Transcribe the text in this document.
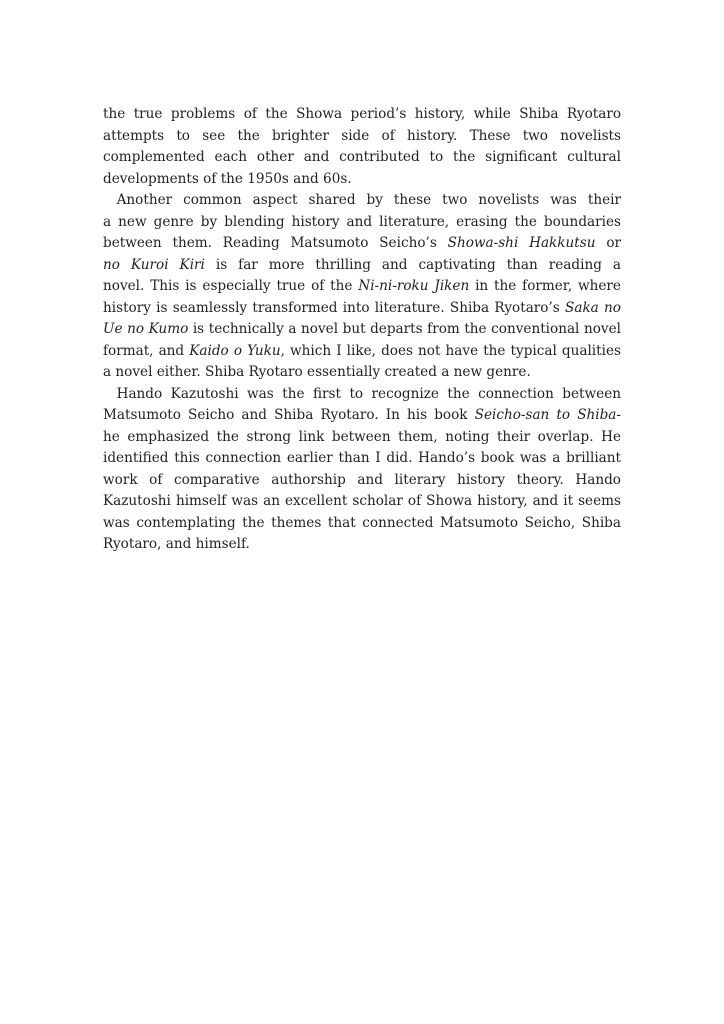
the true problems of the Showa period’s history, while Shiba Ryotaro
attempts to see the brighter side of history. These two novelists
complemented each other and contributed to the significant cultural
developments of the 1950s and 60s.
Another common aspect shared by these two novelists was their
a new genre by blending history and literature, erasing the boundaries
between them. Reading Matsumoto Seicho’s Showa-shi Hakkutsu or
no Kuroi Kiri is far more thrilling and captivating than reading a
novel. This is especially true of the Ni-ni-roku Jiken in the former, where
history is seamlessly transformed into literature. Shiba Ryotaro’s Saka no
Ue no Kumo is technically a novel but departs from the conventional novel
format, and Kaido o Yuku, which I like, does not have the typical qualities
a novel either. Shiba Ryotaro essentially created a new genre.
Hando Kazutoshi was the first to recognize the connection between
Matsumoto Seicho and Shiba Ryotaro. In his book Seicho-san to Shiba-
he emphasized the strong link between them, noting their overlap. He
identified this connection earlier than I did. Hando’s book was a brilliant
work of comparative authorship and literary history theory. Hando
Kazutoshi himself was an excellent scholar of Showa history, and it seems
was contemplating the themes that connected Matsumoto Seicho, Shiba
Ryotaro, and himself.
